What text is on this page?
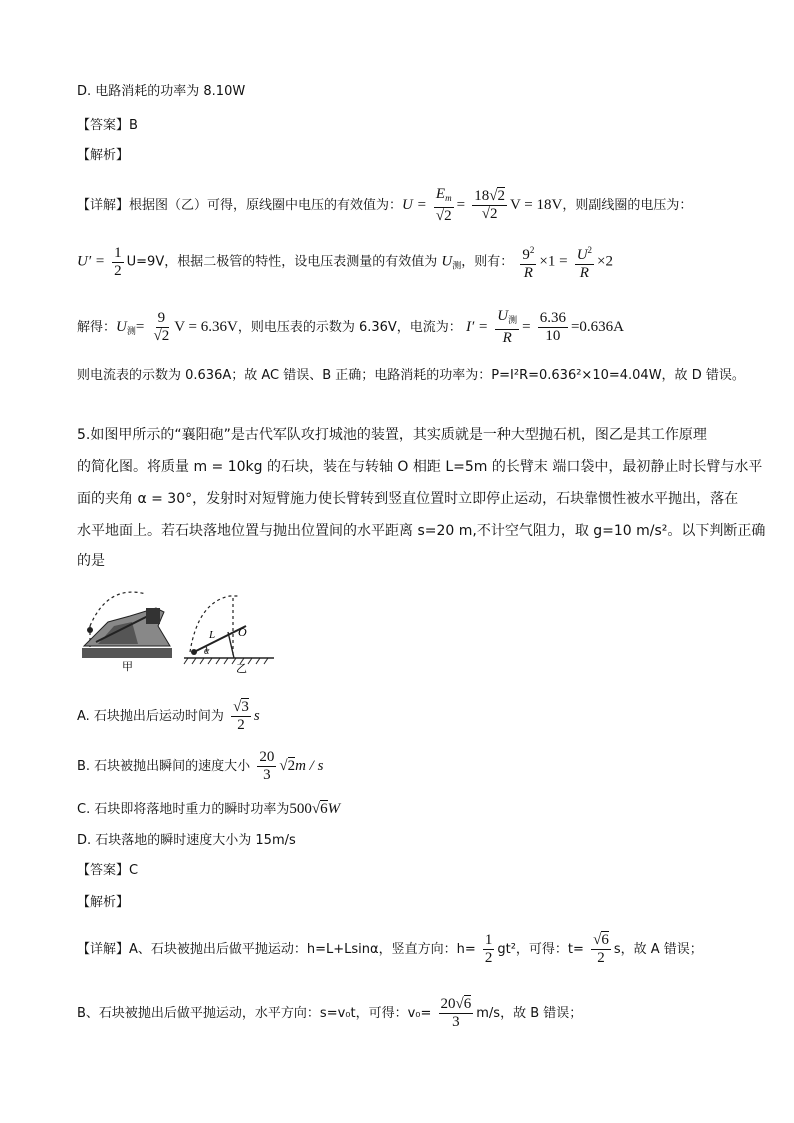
D. 电路消耗的功率为 8.10W
【答案】B
【解析】
【详解】根据图（乙）可得，原线圈中电压的有效值为：$U = \frac{E_m}{√2} = \frac{18√2}{√2}$ V = 18V，则副线圈的电压为：
$U' = \frac{1}{2} U=9V$，根据二极管的特性，设电压表测量的有效值为 $U_测$，则有： $\frac{9^2}{R} \times 1 = \frac{U^2}{R} \times 2$
解得：$U_测= \frac{9}{√2}$ V = 6.36V，则电压表的示数为 6.36V，电流为： $I' = \frac{U_测}{R} = \frac{6.36}{10} =0.636A$
则电流表的示数为 0.636A；故 AC 错误、B 正确；电路消耗的功率为：P=I²R=0.636²×10=4.04W，故 D 错误。
5.如图甲所示的“襄阳砲”是古代军队攻打城池的装置，其实质就是一种大型抛石机，图乙是其工作原理
的简化图。将质量 m = 10kg 的石块，装在与转轴 O 相距 L=5m 的长臂末 端口袋中，最初静止时长臂与水平
面的夹角 α = 30°，发射时对短臂施力使长臂转到竖直位置时立即停止运动，石块靠惯性被水平抛出，落在
水平地面上。若石块落地位置与抛出位置间的水平距离 s=20 m,不计空气阻力，取 g=10 m/s²。以下判断正确
的是
甲
L O
α
乙
A. 石块抛出后运动时间为 $\frac{√3}{2}$ s
B. 石块被抛出瞬间的速度大小 $\frac{20}{3} √2m$ / s
C. 石块即将落地时重力的瞬时功率为500√6W
D. 石块落地的瞬时速度大小为 15m/s
【答案】C
【解析】
【详解】A、石块被抛出后做平抛运动：h=L+Lsinα，竖直方向：$h= \frac{1}{2} gt^2$，可得：$t= \frac{√6}{2}$ s，故 A 错误；
B、石块被抛出后做平抛运动，水平方向：s=v₀t，可得：$v_0= \frac{20√6}{3} m/s$，故 B 错误；
